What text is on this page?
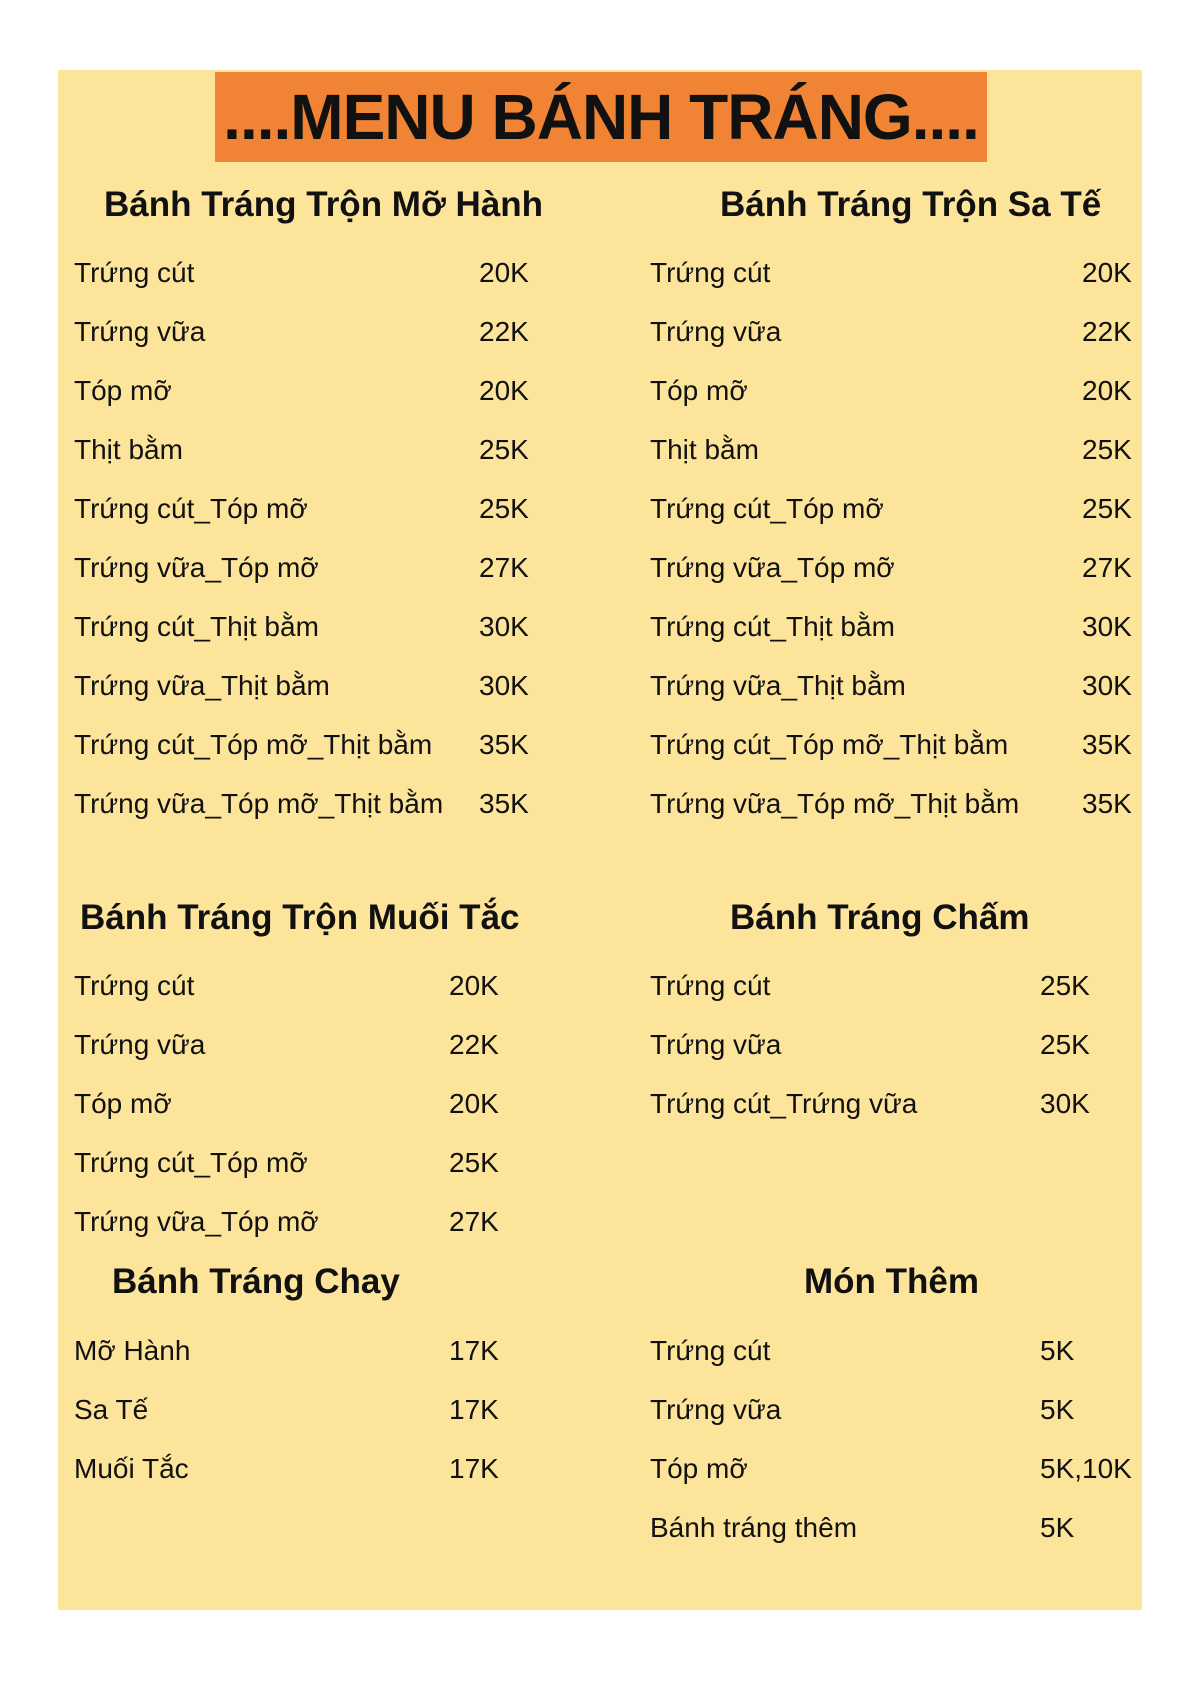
....MENU BÁNH TRÁNG....
Bánh Tráng Trộn Mỡ Hành
Trứng cút	20K
Trứng vữa	22K
Tóp mỡ	20K
Thịt bằm	25K
Trứng cút_Tóp mỡ	25K
Trứng vữa_Tóp mỡ	27K
Trứng cút_Thịt bằm	30K
Trứng vữa_Thịt bằm	30K
Trứng cút_Tóp mỡ_Thịt bằm 35K
Trứng vữa_Tóp mỡ_Thịt bằm 35K
Bánh Tráng Trộn Sa Tế
Trứng cút	20K
Trứng vữa	22K
Tóp mỡ	20K
Thịt bằm	25K
Trứng cút_Tóp mỡ	25K
Trứng vữa_Tóp mỡ	27K
Trứng cút_Thịt bằm	30K
Trứng vữa_Thịt bằm	30K
Trứng cút_Tóp mỡ_Thịt bằm	35K
Trứng vữa_Tóp mỡ_Thịt bằm 35K
Bánh Tráng Trộn Muối Tắc
Trứng cút	20K
Trứng vữa	22K
Tóp mỡ	20K
Trứng cút_Tóp mỡ	25K
Trứng vữa_Tóp mỡ	27K
Bánh Tráng Chấm
Trứng cút	25K
Trứng vữa	25K
Trứng cút_Trứng vữa	30K
Bánh Tráng Chay
Mỡ Hành	17K
Sa Tế	17K
Muối Tắc	17K
Món Thêm
Trứng cút	5K
Trứng vữa	5K
Tóp mỡ	5K,10K
Bánh tráng thêm	5K
